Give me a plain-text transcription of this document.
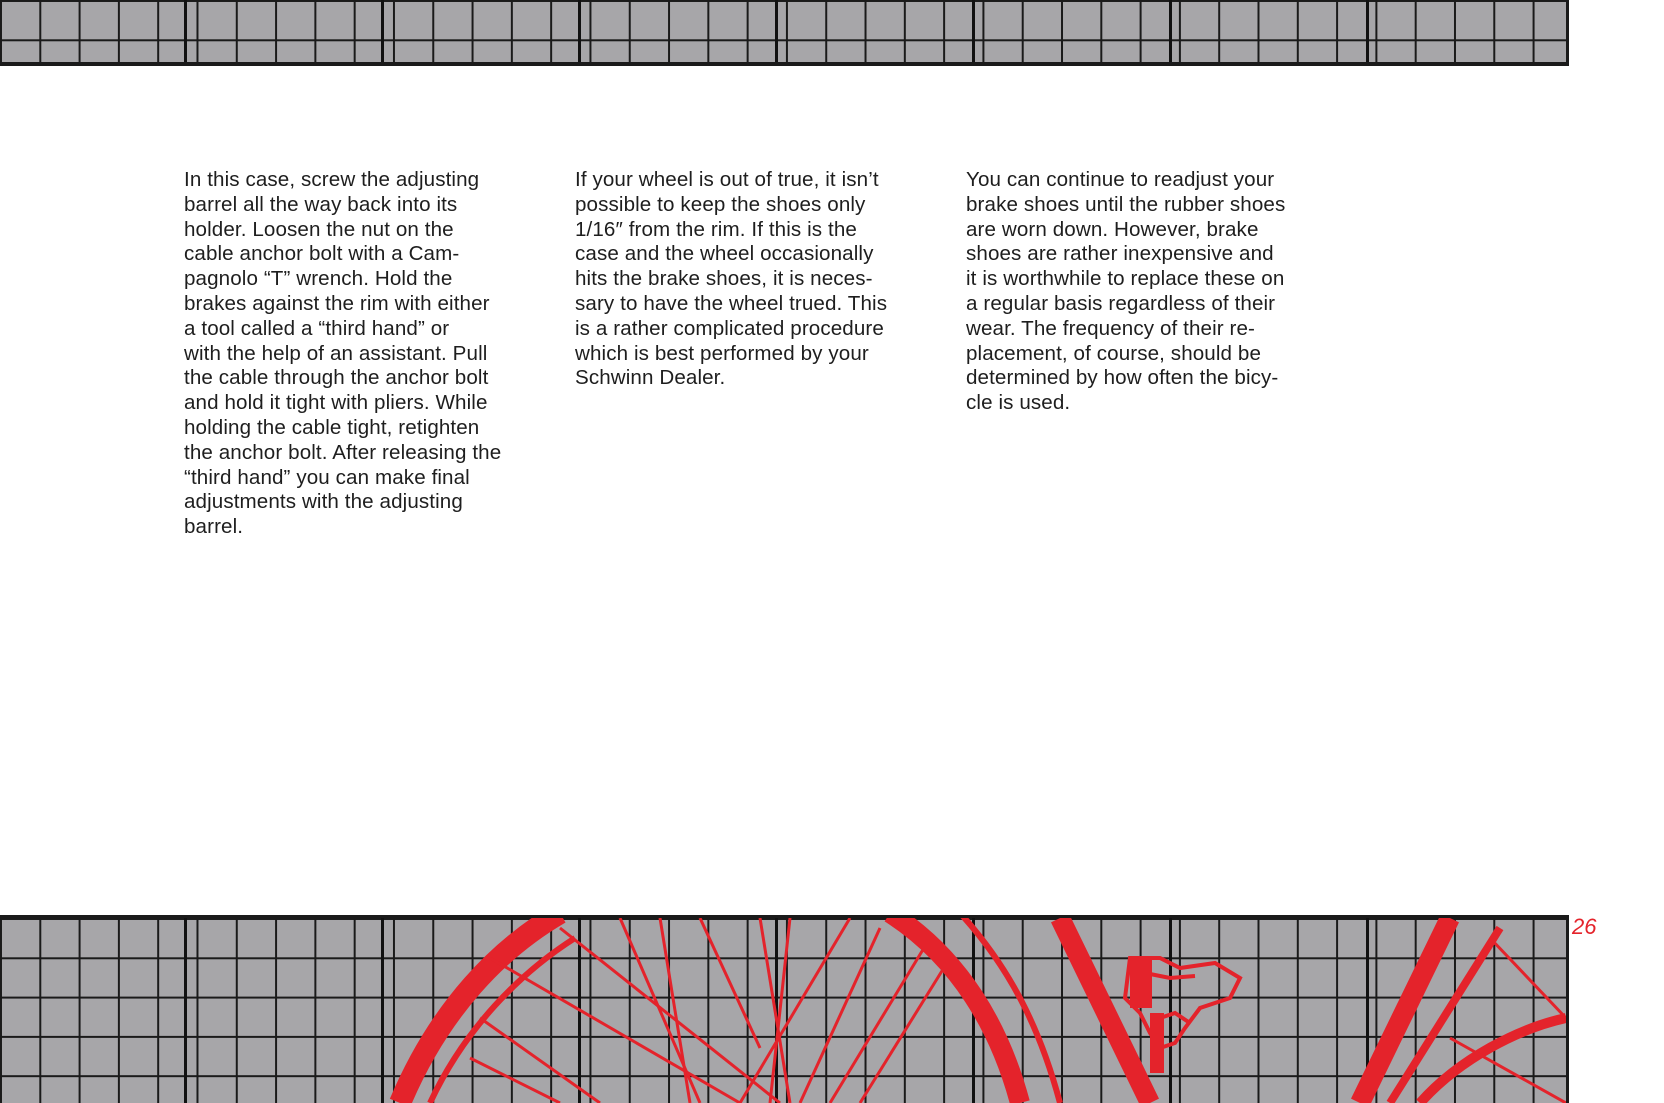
In this case, screw the adjusting
barrel all the way back into its
holder. Loosen the nut on the
cable anchor bolt with a Cam-
pagnolo “T” wrench. Hold the
brakes against the rim with either
a tool called a “third hand” or
with the help of an assistant. Pull
the cable through the anchor bolt
and hold it tight with pliers. While
holding the cable tight, retighten
the anchor bolt. After releasing the
“third hand” you can make final
adjustments with the adjusting
barrel.
If your wheel is out of true, it isn’t
possible to keep the shoes only
1/16″ from the rim. If this is the
case and the wheel occasionally
hits the brake shoes, it is neces-
sary to have the wheel trued. This
is a rather complicated procedure
which is best performed by your
Schwinn Dealer.
You can continue to readjust your
brake shoes until the rubber shoes
are worn down. However, brake
shoes are rather inexpensive and
it is worthwhile to replace these on
a regular basis regardless of their
wear. The frequency of their re-
placement, of course, should be
determined by how often the bicy-
cle is used.
26
